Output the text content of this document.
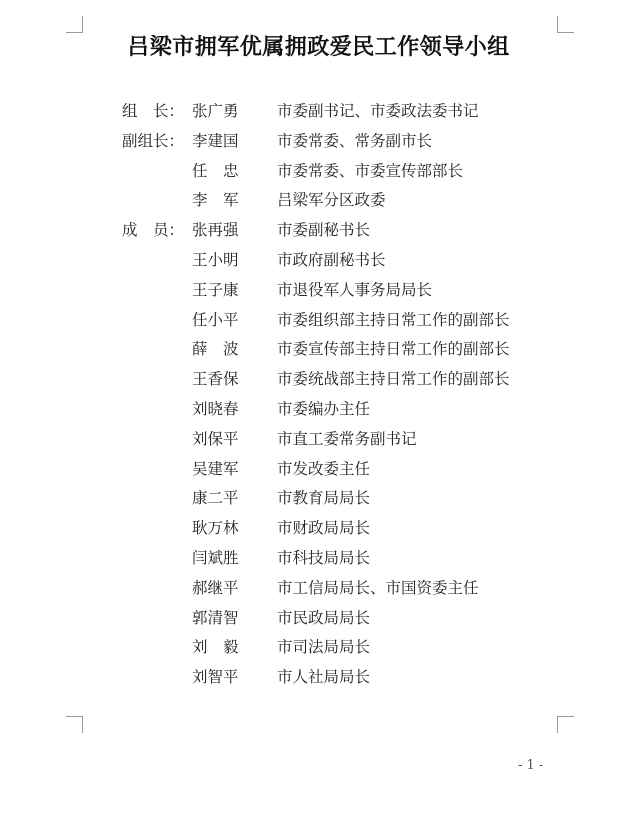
吕梁市拥军优属拥政爱民工作领导小组
组　长： 张广勇	市委副书记、市委政法委书记
副组长： 李建国	市委常委、常务副市长
任　忠	市委常委、市委宣传部部长
李　军	吕梁军分区政委
成　员： 张再强	市委副秘书长
王小明	市政府副秘书长
王子康	市退役军人事务局局长
任小平	市委组织部主持日常工作的副部长
薛　波	市委宣传部主持日常工作的副部长
王香保	市委统战部主持日常工作的副部长
刘晓春	市委编办主任
刘保平	市直工委常务副书记
吴建军	市发改委主任
康二平	市教育局局长
耿万林	市财政局局长
闫斌胜	市科技局局长
郝继平	市工信局局长、市国资委主任
郭清智	市民政局局长
刘　毅	市司法局局长
刘智平	市人社局局长
- 1 -
